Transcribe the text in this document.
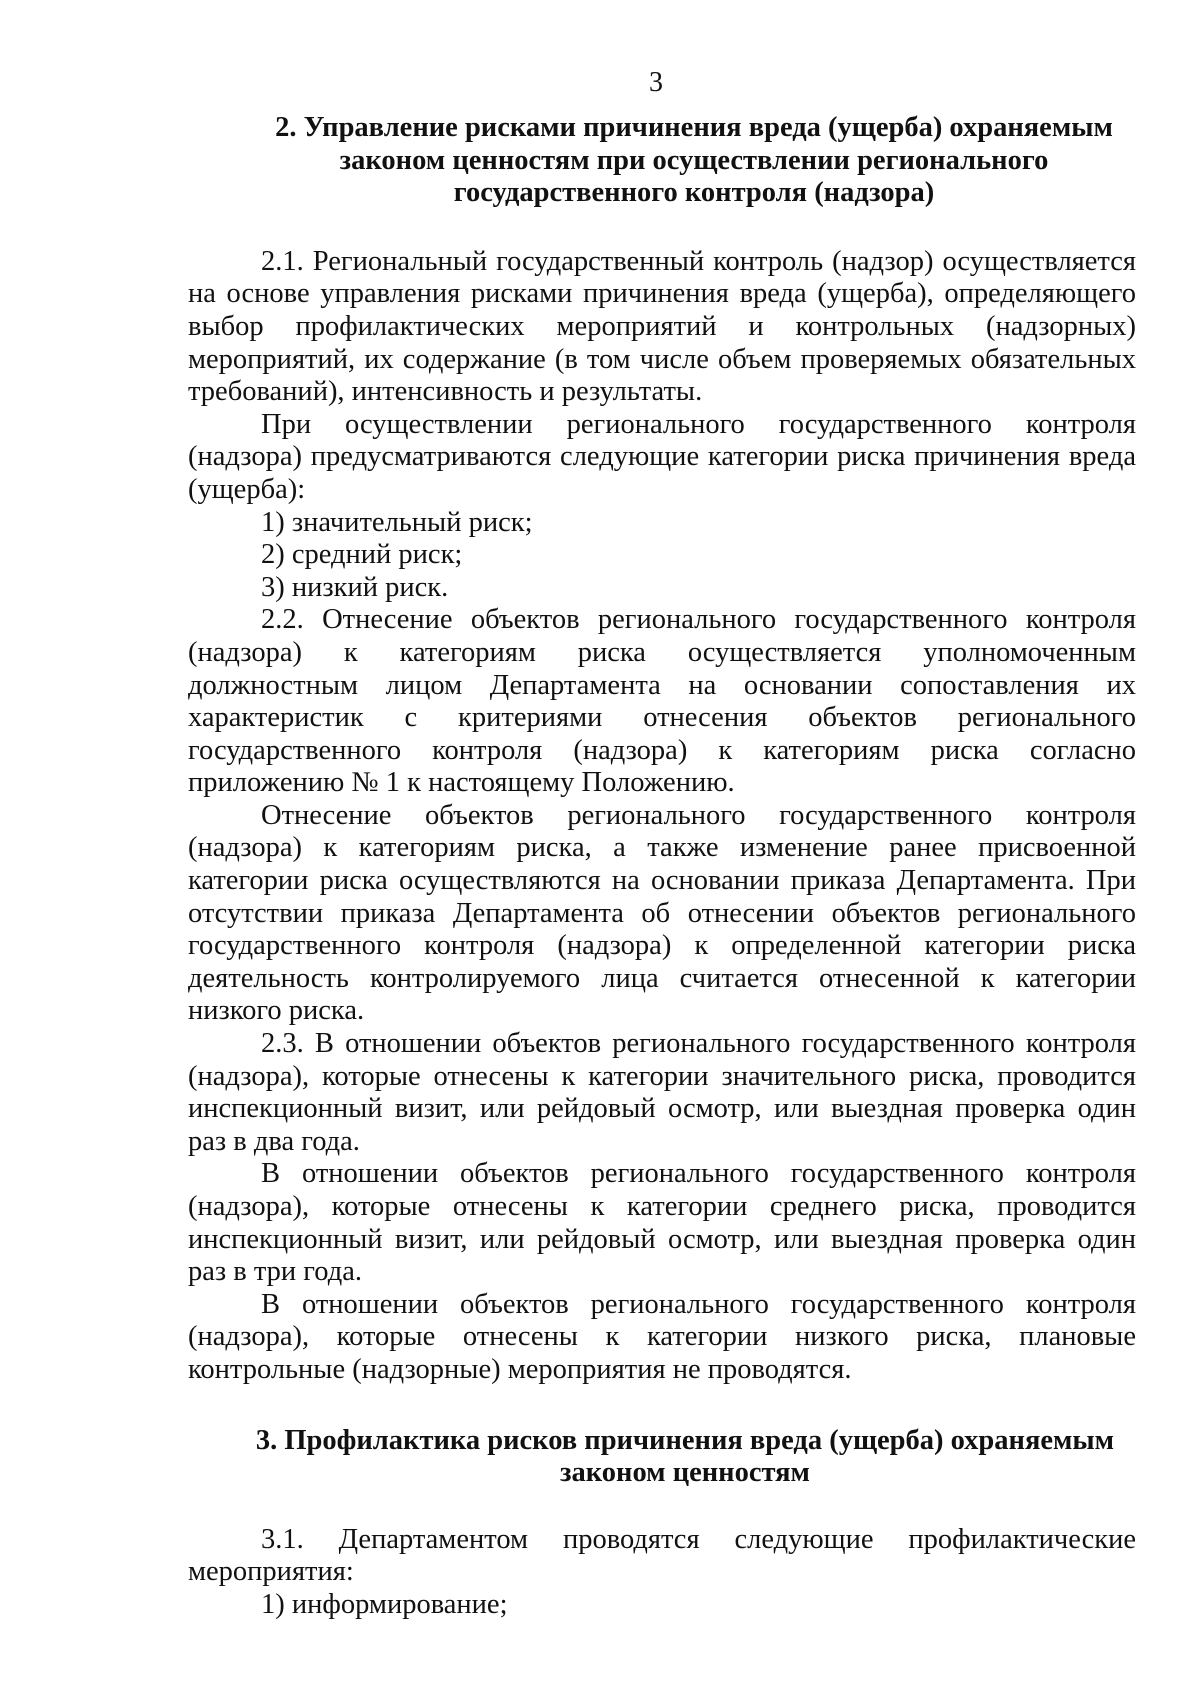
3
2. Управление рисками причинения вреда (ущерба) охраняемым
законом ценностям при осуществлении регионального
государственного контроля (надзора)

2.1. Региональный государственный контроль (надзор) осуществляется на основе управления рисками причинения вреда (ущерба), определяющего выбор профилактических мероприятий и контрольных (надзорных) мероприятий, их содержание (в том числе объем проверяемых обязательных требований), интенсивность и результаты.

При осуществлении регионального государственного контроля (надзора) предусматриваются следующие категории риска причинения вреда (ущерба):

1) значительный риск;
2) средний риск;
3) низкий риск.

2.2. Отнесение объектов регионального государственного контроля (надзора) к категориям риска осуществляется уполномоченным должностным лицом Департамента на основании сопоставления их характеристик с критериями отнесения объектов регионального государственного контроля (надзора) к категориям риска согласно приложению № 1 к настоящему Положению.

Отнесение объектов регионального государственного контроля (надзора) к категориям риска, а также изменение ранее присвоенной категории риска осуществляются на основании приказа Департамента. При отсутствии приказа Департамента об отнесении объектов регионального государственного контроля (надзора) к определенной категории риска деятельность контролируемого лица считается отнесенной к категории низкого риска.

2.3. В отношении объектов регионального государственного контроля (надзора), которые отнесены к категории значительного риска, проводится инспекционный визит, или рейдовый осмотр, или выездная проверка один раз в два года.

В отношении объектов регионального государственного контроля (надзора), которые отнесены к категории среднего риска, проводится инспекционный визит, или рейдовый осмотр, или выездная проверка один раз в три года.

В отношении объектов регионального государственного контроля (надзора), которые отнесены к категории низкого риска, плановые контрольные (надзорные) мероприятия не проводятся.

3. Профилактика рисков причинения вреда (ущерба) охраняемым
законом ценностям

3.1. Департаментом проводятся следующие профилактические мероприятия:

1) информирование;
